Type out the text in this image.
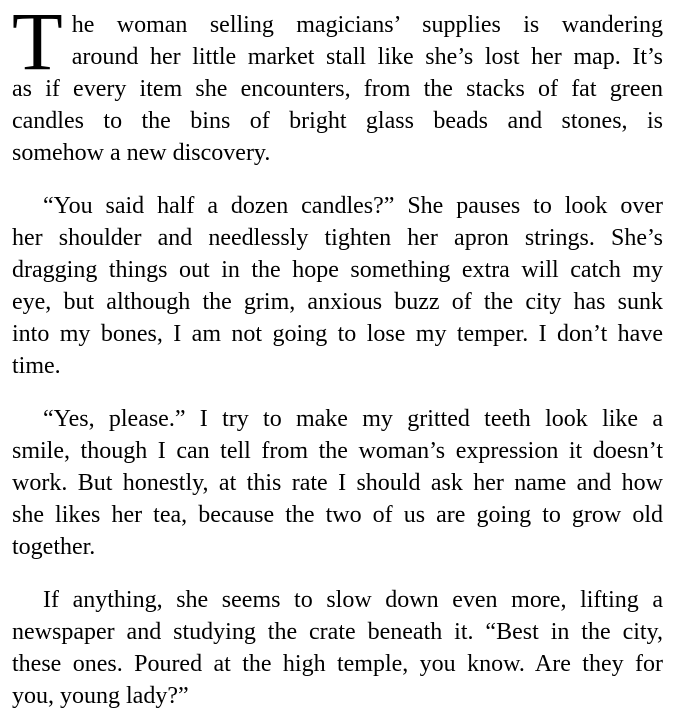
T he woman selling magicians’ supplies is wandering
around her little market stall like she’s lost her map. It’s
as if every item she encounters, from the stacks of fat green
candles to the bins of bright glass beads and stones, is
somehow a new discovery.
“You said half a dozen candles?” She pauses to look over
her shoulder and needlessly tighten her apron strings. She’s
dragging things out in the hope something extra will catch my
eye, but although the grim, anxious buzz of the city has sunk
into my bones, I am not going to lose my temper. I don’t have
time.
“Yes, please.” I try to make my gritted teeth look like a
smile, though I can tell from the woman’s expression it doesn’t
work. But honestly, at this rate I should ask her name and how
she likes her tea, because the two of us are going to grow old
together.
If anything, she seems to slow down even more, lifting a
newspaper and studying the crate beneath it. “Best in the city,
these ones. Poured at the high temple, you know. Are they for
you, young lady?”
